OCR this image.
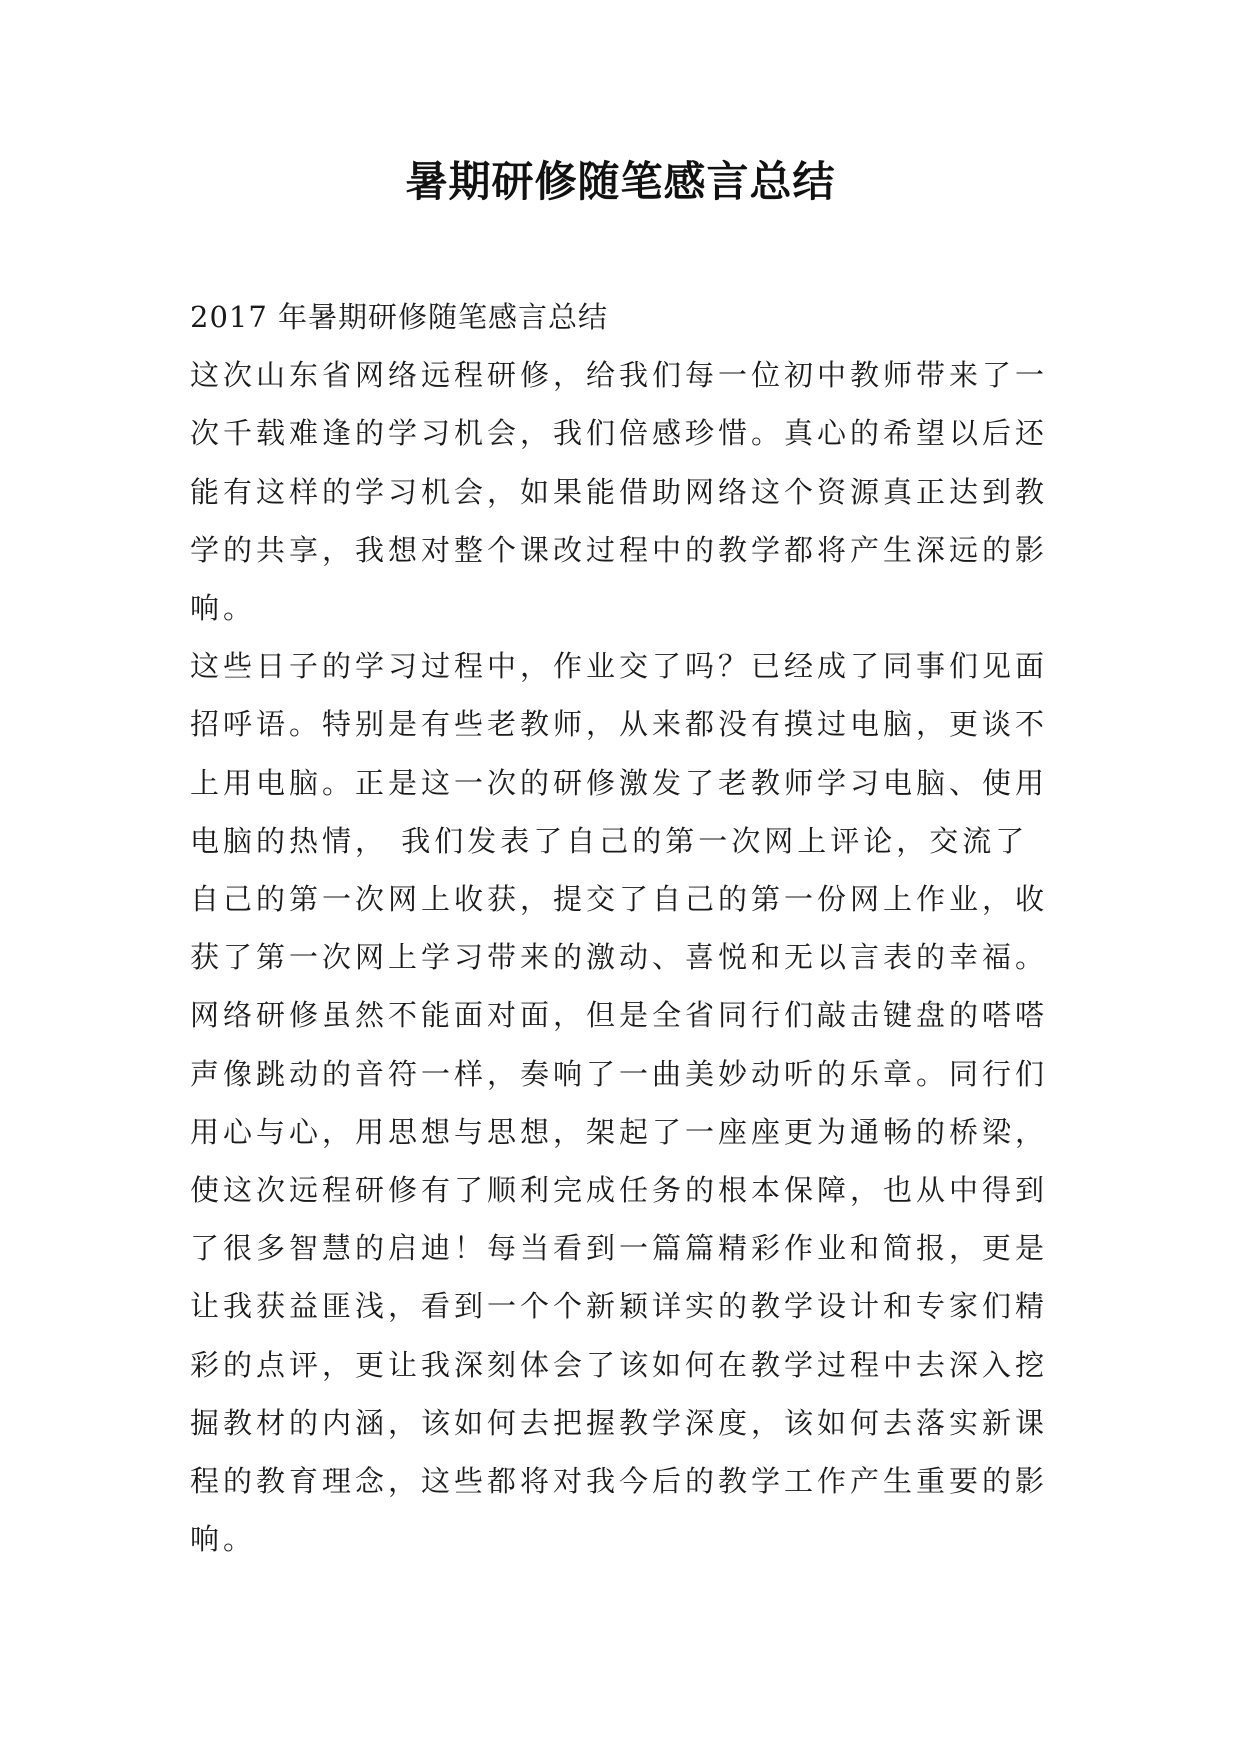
暑期研修随笔感言总结

2017 年暑期研修随笔感言总结

这次山东省网络远程研修，给我们每一位初中教师带来了一次千载难逢的学习机会，我们倍感珍惜。真心的希望以后还能有这样的学习机会，如果能借助网络这个资源真正达到教学的共享，我想对整个课改过程中的教学都将产生深远的影响。

这些日子的学习过程中，作业交了吗？已经成了同事们见面招呼语。特别是有些老教师，从来都没有摸过电脑，更谈不上用电脑。正是这一次的研修激发了老教师学习电脑、使用电脑的热情， 我们发表了自己的第一次网上评论，交流了自己的第一次网上收获，提交了自己的第一份网上作业，收获了第一次网上学习带来的激动、喜悦和无以言表的幸福。网络研修虽然不能面对面，但是全省同行们敲击键盘的嗒嗒声像跳动的音符一样，奏响了一曲美妙动听的乐章。同行们用心与心，用思想与思想，架起了一座座更为通畅的桥梁，使这次远程研修有了顺利完成任务的根本保障，也从中得到了很多智慧的启迪！每当看到一篇篇精彩作业和简报，更是让我获益匪浅，看到一个个新颖详实的教学设计和专家们精彩的点评，更让我深刻体会了该如何在教学过程中去深入挖掘教材的内涵，该如何去把握教学深度，该如何去落实新课程的教育理念，这些都将对我今后的教学工作产生重要的影响。
